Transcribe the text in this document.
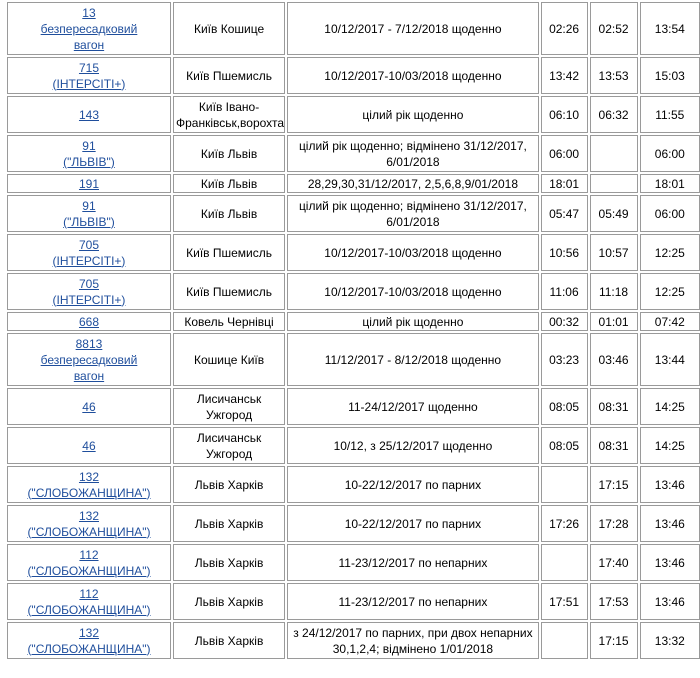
13
безпересадковий
вагон	Київ Кошице	10/12/2017 - 7/12/2018 щоденно	02:26	02:52	13:54

715
(ІНТЕРСІТІ+)	Київ Пшемисль	10/12/2017-10/03/2018 щоденно	13:42	13:53	15:03

143	Київ Івано-
Франківськ,ворохта	цілий рік щоденно	06:10	06:32	11:55

91
("ЛЬВІВ")	Київ Львів	цілий рік щоденно; відмінено 31/12/2017,
6/01/2018	06:00		06:00

191	Київ Львів	28,29,30,31/12/2017, 2,5,6,8,9/01/2018	18:01		18:01

91
("ЛЬВІВ")	Київ Львів	цілий рік щоденно; відмінено 31/12/2017,
6/01/2018	05:47	05:49	06:00

705
(ІНТЕРСІТІ+)	Київ Пшемисль	10/12/2017-10/03/2018 щоденно	10:56	10:57	12:25

705
(ІНТЕРСІТІ+)	Київ Пшемисль	10/12/2017-10/03/2018 щоденно	11:06	11:18	12:25

668	Ковель Чернівці	цілий рік щоденно	00:32	01:01	07:42

8813
безпересадковий
вагон	Кошице Київ	11/12/2017 - 8/12/2018 щоденно	03:23	03:46	13:44

46	Лисичанськ
Ужгород	11-24/12/2017 щоденно	08:05	08:31	14:25

46	Лисичанськ
Ужгород	10/12, з 25/12/2017 щоденно	08:05	08:31	14:25

132
("СЛОБОЖАНЩИНА")	Львів Харків	10-22/12/2017 по парних		17:15	13:46

132
("СЛОБОЖАНЩИНА")	Львів Харків	10-22/12/2017 по парних	17:26	17:28	13:46

112
("СЛОБОЖАНЩИНА")	Львів Харків	11-23/12/2017 по непарних		17:40	13:46

112
("СЛОБОЖАНЩИНА")	Львів Харків	11-23/12/2017 по непарних	17:51	17:53	13:46

132
("СЛОБОЖАНЩИНА")	Львів Харків	з 24/12/2017 по парних, при двох непарних
30,1,2,4; відмінено 1/01/2018		17:15	13:32
